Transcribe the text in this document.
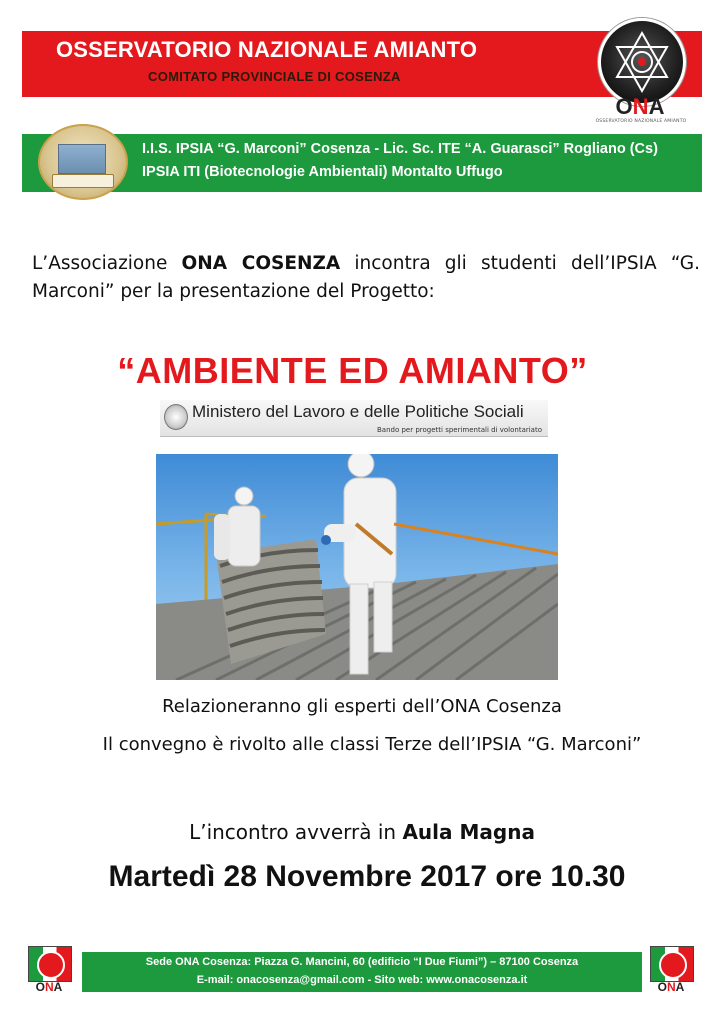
OSSERVATORIO NAZIONALE AMIANTO
COMITATO PROVINCIALE DI COSENZA
ONA
OSSERVATORIO NAZIONALE AMIANTO
I.I.S. IPSIA “G. Marconi” Cosenza - Lic. Sc. ITE “A. Guarasci” Rogliano (Cs)
IPSIA ITI (Biotecnologie Ambientali) Montalto Uffugo
L’Associazione ONA COSENZA incontra gli studenti dell’IPSIA “G. Marconi” per la presentazione del Progetto:
“AMBIENTE ED AMIANTO”
Ministero del Lavoro e delle Politiche Sociali
Bando per progetti sperimentali di volontariato
Relazioneranno gli esperti dell’ONA Cosenza
Il convegno è rivolto alle classi Terze dell’IPSIA “G. Marconi”
L’incontro avverrà in Aula Magna
Martedì 28 Novembre 2017 ore 10.30
ONA
Sede ONA Cosenza: Piazza G. Mancini, 60 (edificio “I Due Fiumi”) – 87100 Cosenza
E-mail: onacosenza@gmail.com - Sito web: www.onacosenza.it	ONA
